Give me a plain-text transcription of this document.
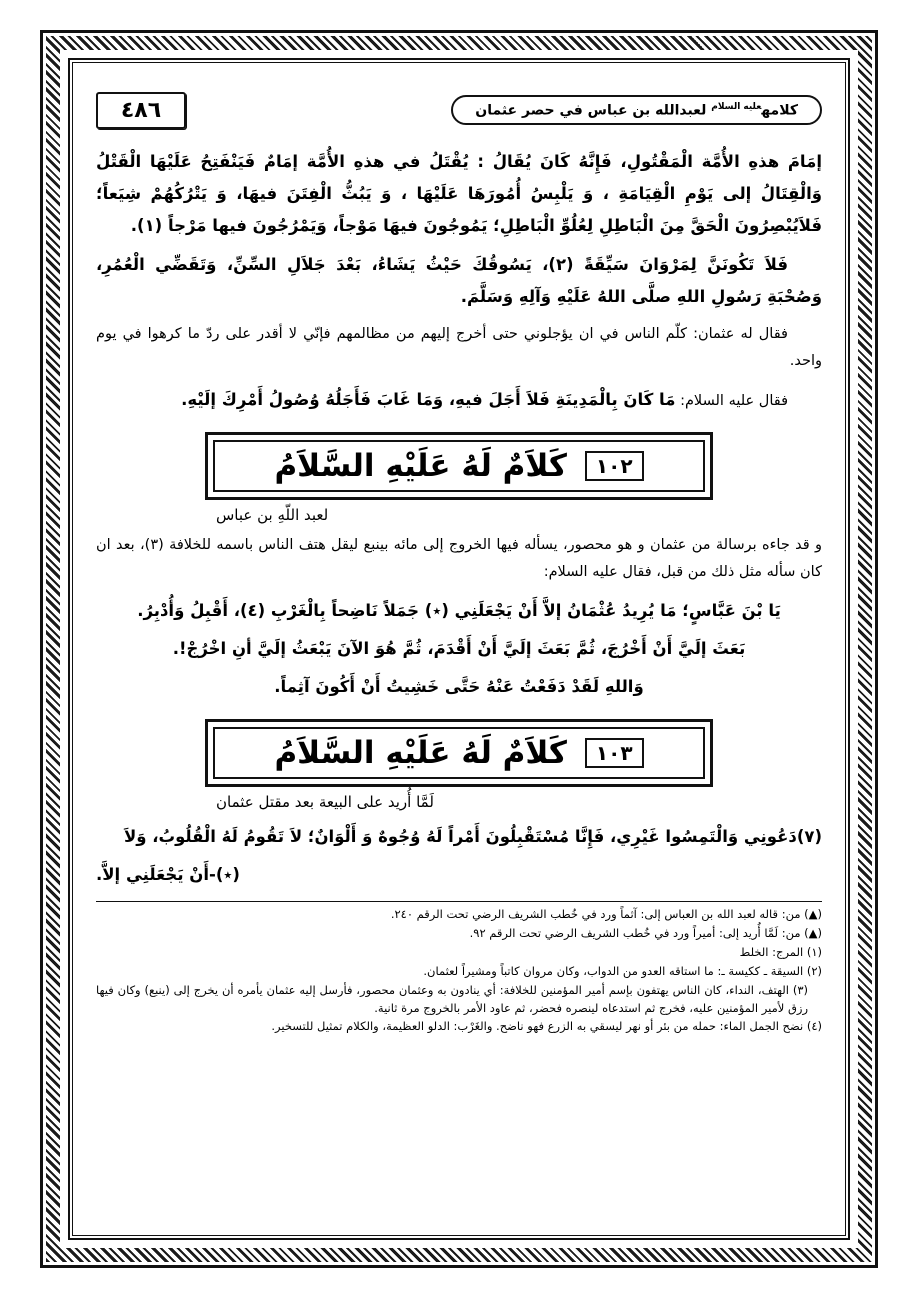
٤٨٦	كلامه$^{عليه السلام}$ لعبدالله بن عباس في حصر عثمان

إمَامَ هذهِ الأُمَّة الْمَقْتُولِ، فَإِنَّهُ كَانَ يُقَالُ : يُقْتَلُ في هذهِ الأُمَّة إمَامٌ فَيَنْفَتِحُ عَلَيْهَا الْقَتْلُ وَالْقِتَالُ إلى يَوْمِ الْقِيَامَةِ ، وَ يَلْبِسُ أُمُورَهَا عَلَيْهَا ، وَ يَبُثُّ الْفِتَنَ فيهَا، وَ يَتْرُكُهُمْ شِيَعاً؛ فَلاَيُبْصِرُونَ الْحَقَّ مِنَ الْبَاطِلِ لِعُلُوِّ الْبَاطِلِ؛ يَمُوجُونَ فيهَا مَوْجاً، وَيَمْرُجُونَ فيها مَرْجاً (١).

فَلاَ تَكُونَنَّ لِمَرْوَانَ سَيِّقَةً (٢)، يَسُوقُكَ حَيْثُ يَشَاءُ، بَعْدَ جَلاَلِ السِّنِّ، وَتَقَضِّي الْعُمُرِ، وَصُحْبَةِ رَسُولِ اللهِ صلَّى اللهُ عَلَيْهِ وَآلِهِ وَسَلَّمَ.

فقال له عثمان: كلّم الناس في ان يؤجلوني حتى أخرج إليهم من مظالمهم فإنّي لا أقدر على ردّ ما كرهوا في يوم واحد.

فقال عليه السلام: مَا كَانَ بِالْمَدِينَةِ فَلاَ أَجَلَ فيهِ، وَمَا غَابَ فَأَجَلُهُ وُصُولُ أَمْرِكَ إلَيْهِ.

كَلاَمٌ لَهُ عَلَيْهِ السَّلاَمُ	١٠٢
لعبد اللّهِ بن عباس

و قد جاءه برسالة من عثمان و هو محصور، يسأله فيها الخروج إلى مائه بينبع ليقل هتف الناس باسمه للخلافة (٣)، بعد ان كان سأله مثل ذلك من قبل، فقال عليه السلام:

يَا بْنَ عَبَّاسٍ؛ مَا يُرِيدُ عُثْمَانُ إلاَّ أَنْ يَجْعَلَنِي (٭) جَمَلاً نَاضِحاً بِالْغَرْبِ (٤)، أَقْبِلُ وَأُدْبِرُ.

بَعَثَ إلَيَّ أَنْ أَخْرُجَ، ثُمَّ بَعَثَ إلَيَّ أَنْ أَقْدَمَ، ثُمَّ هُوَ الآنَ يَبْعَثُ إلَيَّ أنِ اخْرُجْ!.

وَاللهِ لَقَدْ دَفَعْتُ عَنْهُ حَتَّى خَشِيتُ أَنْ أَكُونَ آثِماً.

كَلاَمٌ لَهُ عَلَيْهِ السَّلاَمُ	١٠٣
لَمَّا أُريد على البيعة بعد مقتل عثمان

(٧)دَعُونِي وَالْتَمِسُوا غَيْرِي، فَإِنَّا مُسْتَقْبِلُونَ أَمْراً لَهُ وُجُوهٌ وَ أَلْوَانٌ؛ لاَ تَقُومُ لَهُ الْقُلُوبُ، وَلاَ

(٭)-أَنْ يَجْعَلَنِي إلاَّ.

(▲) من: قاله لعبد الله بن العباس إلى: آثماً ورد في خُطب الشريف الرضي تحت الرقم ٢٤٠.
(▲) من: لَمَّا أُريد إلى: أميراً ورد في خُطب الشريف الرضي تحت الرقم ٩٢.
(١) المرج: الخلط
(٢) السيقة ـ ككيسة ـ: ما استاقه العدو من الدواب، وكان مروان كاتباً ومشيراً لعثمان.
(٣) الهتف، النداء، كان الناس يهتفون بإسم أمير المؤمنين للخلافة: أي ينادون به وعثمان محصور، فأرسل إليه عثمان يأمره أن يخرج إلى (ينبع) وكان فيها رزق لأمير المؤمنين عليه، فخرج ثم استدعاه لينصره فحضر، ثم عاود الأمر بالخروج مرة ثانية.
(٤) نضح الجمل الماء: حمله من بئر أو نهر ليسقي به الزرع فهو ناضح. والغَرْب: الدلو العظيمة، والكلام تمثيل للتسخير.
